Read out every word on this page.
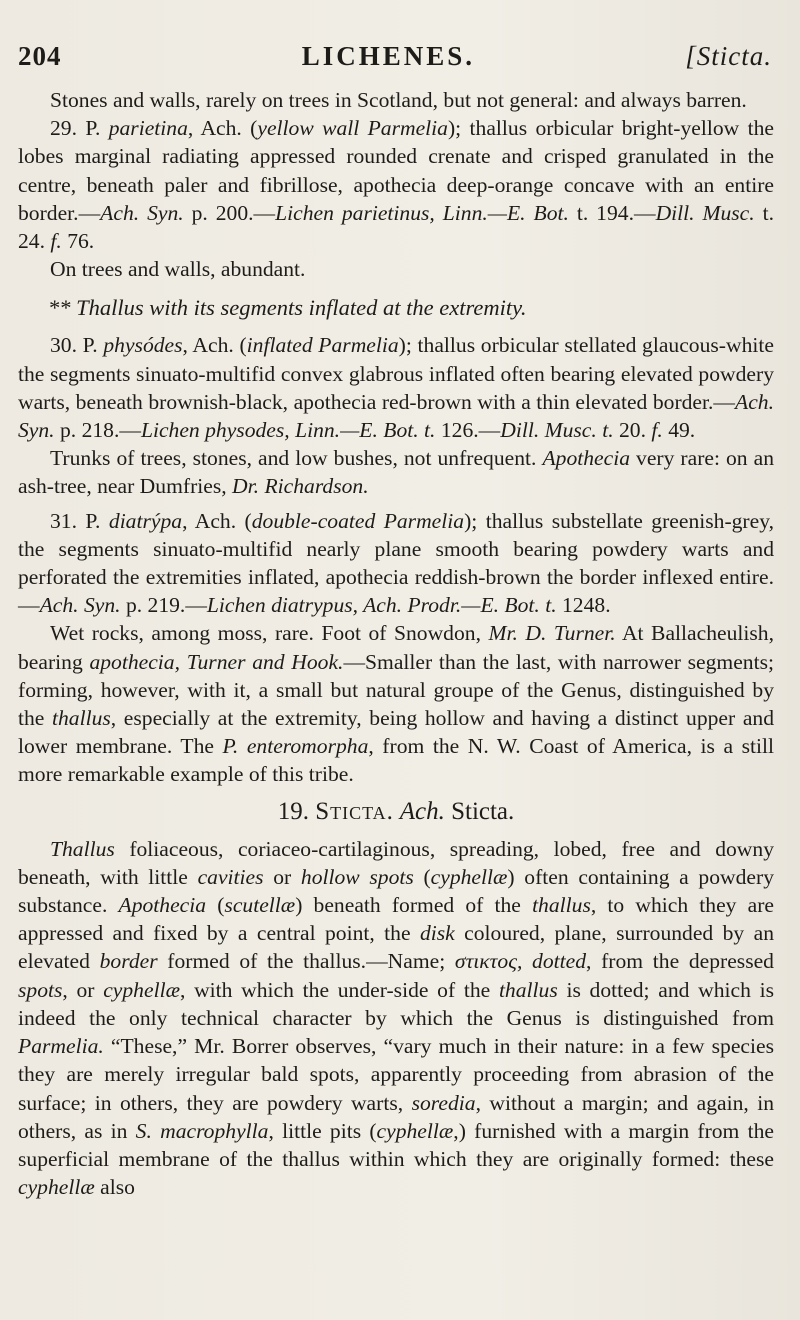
204	LICHENES.	[Sticta.

Stones and walls, rarely on trees in Scotland, but not general: and always barren.

29. P. parietina, Ach. (yellow wall Parmelia); thallus orbicular bright-yellow the lobes marginal radiating appressed rounded crenate and crisped granulated in the centre, beneath paler and fibrillose, apothecia deep-orange concave with an entire border.—Ach. Syn. p. 200.—Lichen parietinus, Linn.—E. Bot. t. 194.—Dill. Musc. t. 24. f. 76.

On trees and walls, abundant.

** Thallus with its segments inflated at the extremity.

30. P. physódes, Ach. (inflated Parmelia); thallus orbicular stellated glaucous-white the segments sinuato-multifid convex glabrous inflated often bearing elevated powdery warts, beneath brownish-black, apothecia red-brown with a thin elevated border.—Ach. Syn. p. 218.—Lichen physodes, Linn.—E. Bot. t. 126.—Dill. Musc. t. 20. f. 49.

Trunks of trees, stones, and low bushes, not unfrequent. Apothecia very rare: on an ash-tree, near Dumfries, Dr. Richardson.

31. P. diatrýpa, Ach. (double-coated Parmelia); thallus substellate greenish-grey, the segments sinuato-multifid nearly plane smooth bearing powdery warts and perforated the extremities inflated, apothecia reddish-brown the border inflexed entire.—Ach. Syn. p. 219.—Lichen diatrypus, Ach. Prodr.—E. Bot. t. 1248.

Wet rocks, among moss, rare. Foot of Snowdon, Mr. D. Turner. At Ballacheulish, bearing apothecia, Turner and Hook.—Smaller than the last, with narrower segments; forming, however, with it, a small but natural groupe of the Genus, distinguished by the thallus, especially at the extremity, being hollow and having a distinct upper and lower membrane. The P. enteromorpha, from the N. W. Coast of America, is a still more remarkable example of this tribe.

19. Sticta. Ach. Sticta.

Thallus foliaceous, coriaceo-cartilaginous, spreading, lobed, free and downy beneath, with little cavities or hollow spots (cyphellæ) often containing a powdery substance. Apothecia (scutellæ) beneath formed of the thallus, to which they are appressed and fixed by a central point, the disk coloured, plane, surrounded by an elevated border formed of the thallus.—Name; στικτος, dotted, from the depressed spots, or cyphellæ, with which the under-side of the thallus is dotted; and which is indeed the only technical character by which the Genus is distinguished from Parmelia. “These,” Mr. Borrer observes, “vary much in their nature: in a few species they are merely irregular bald spots, apparently proceeding from abrasion of the surface; in others, they are powdery warts, soredia, without a margin; and again, in others, as in S. macrophylla, little pits (cyphellæ,) furnished with a margin from the superficial membrane of the thallus within which they are originally formed: these cyphellæ also
